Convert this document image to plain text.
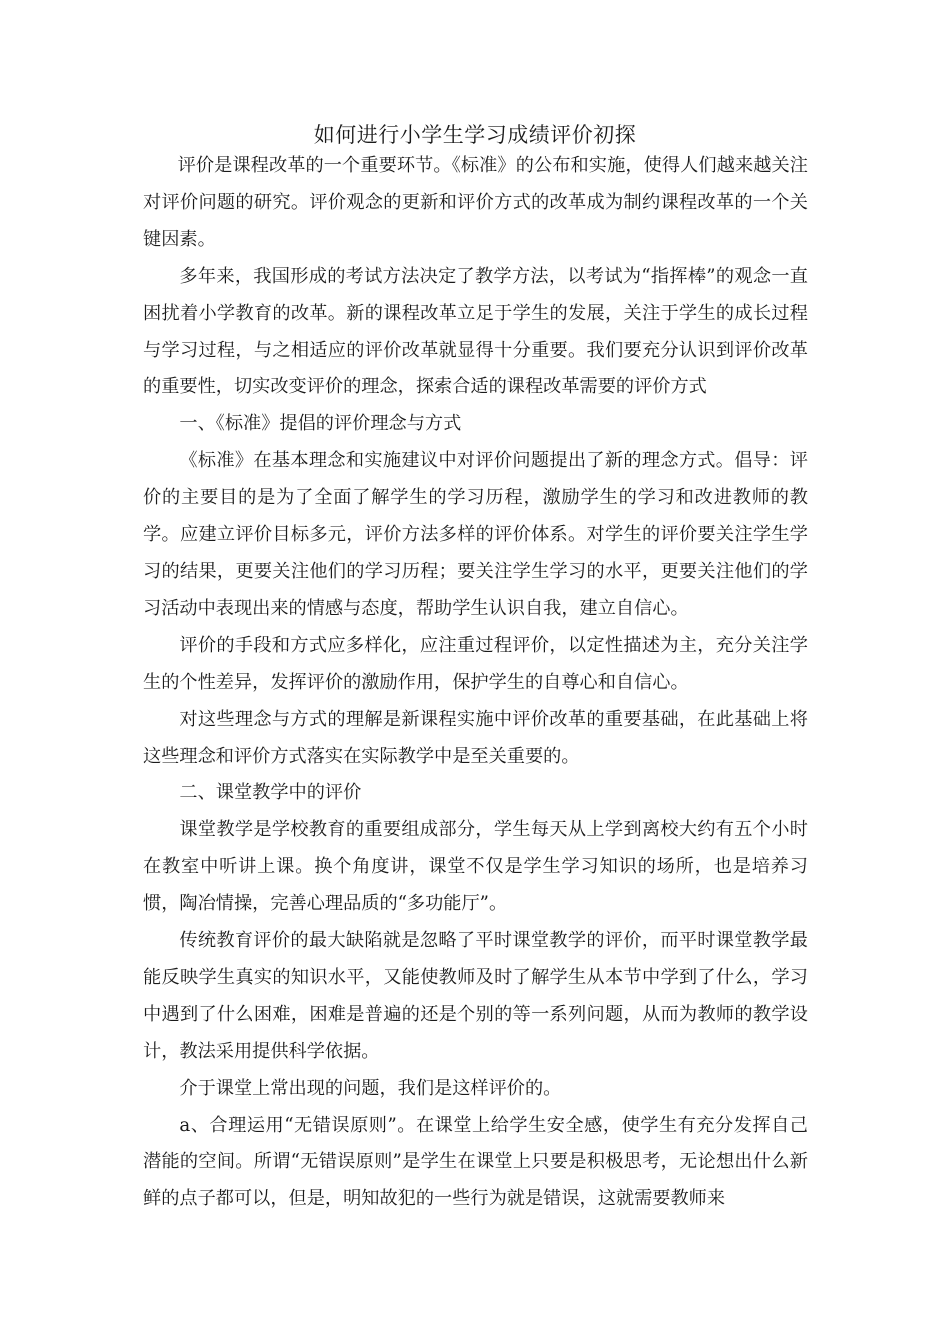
如何进行小学生学习成绩评价初探

评价是课程改革的一个重要环节。《标准》的公布和实施，使得人们越来越关注对评价问题的研究。评价观念的更新和评价方式的改革成为制约课程改革的一个关键因素。

多年来，我国形成的考试方法决定了教学方法，以考试为“指挥棒”的观念一直困扰着小学教育的改革。新的课程改革立足于学生的发展，关注于学生的成长过程与学习过程，与之相适应的评价改革就显得十分重要。我们要充分认识到评价改革的重要性，切实改变评价的理念，探索合适的课程改革需要的评价方式

一、《标准》提倡的评价理念与方式

《标准》在基本理念和实施建议中对评价问题提出了新的理念方式。倡导：评价的主要目的是为了全面了解学生的学习历程，激励学生的学习和改进教师的教学。应建立评价目标多元，评价方法多样的评价体系。对学生的评价要关注学生学习的结果，更要关注他们的学习历程；要关注学生学习的水平，更要关注他们的学习活动中表现出来的情感与态度，帮助学生认识自我，建立自信心。

评价的手段和方式应多样化，应注重过程评价，以定性描述为主，充分关注学生的个性差异，发挥评价的激励作用，保护学生的自尊心和自信心。

对这些理念与方式的理解是新课程实施中评价改革的重要基础，在此基础上将这些理念和评价方式落实在实际教学中是至关重要的。

二、课堂教学中的评价

课堂教学是学校教育的重要组成部分，学生每天从上学到离校大约有五个小时在教室中听讲上课。换个角度讲，课堂不仅是学生学习知识的场所，也是培养习惯，陶冶情操，完善心理品质的“多功能厅”。

传统教育评价的最大缺陷就是忽略了平时课堂教学的评价，而平时课堂教学最能反映学生真实的知识水平，又能使教师及时了解学生从本节中学到了什么，学习中遇到了什么困难，困难是普遍的还是个别的等一系列问题，从而为教师的教学设计，教法采用提供科学依据。

介于课堂上常出现的问题，我们是这样评价的。

a、合理运用“无错误原则”。在课堂上给学生安全感，使学生有充分发挥自己潜能的空间。所谓“无错误原则”是学生在课堂上只要是积极思考，无论想出什么新鲜的点子都可以，但是，明知故犯的一些行为就是错误，这就需要教师来
